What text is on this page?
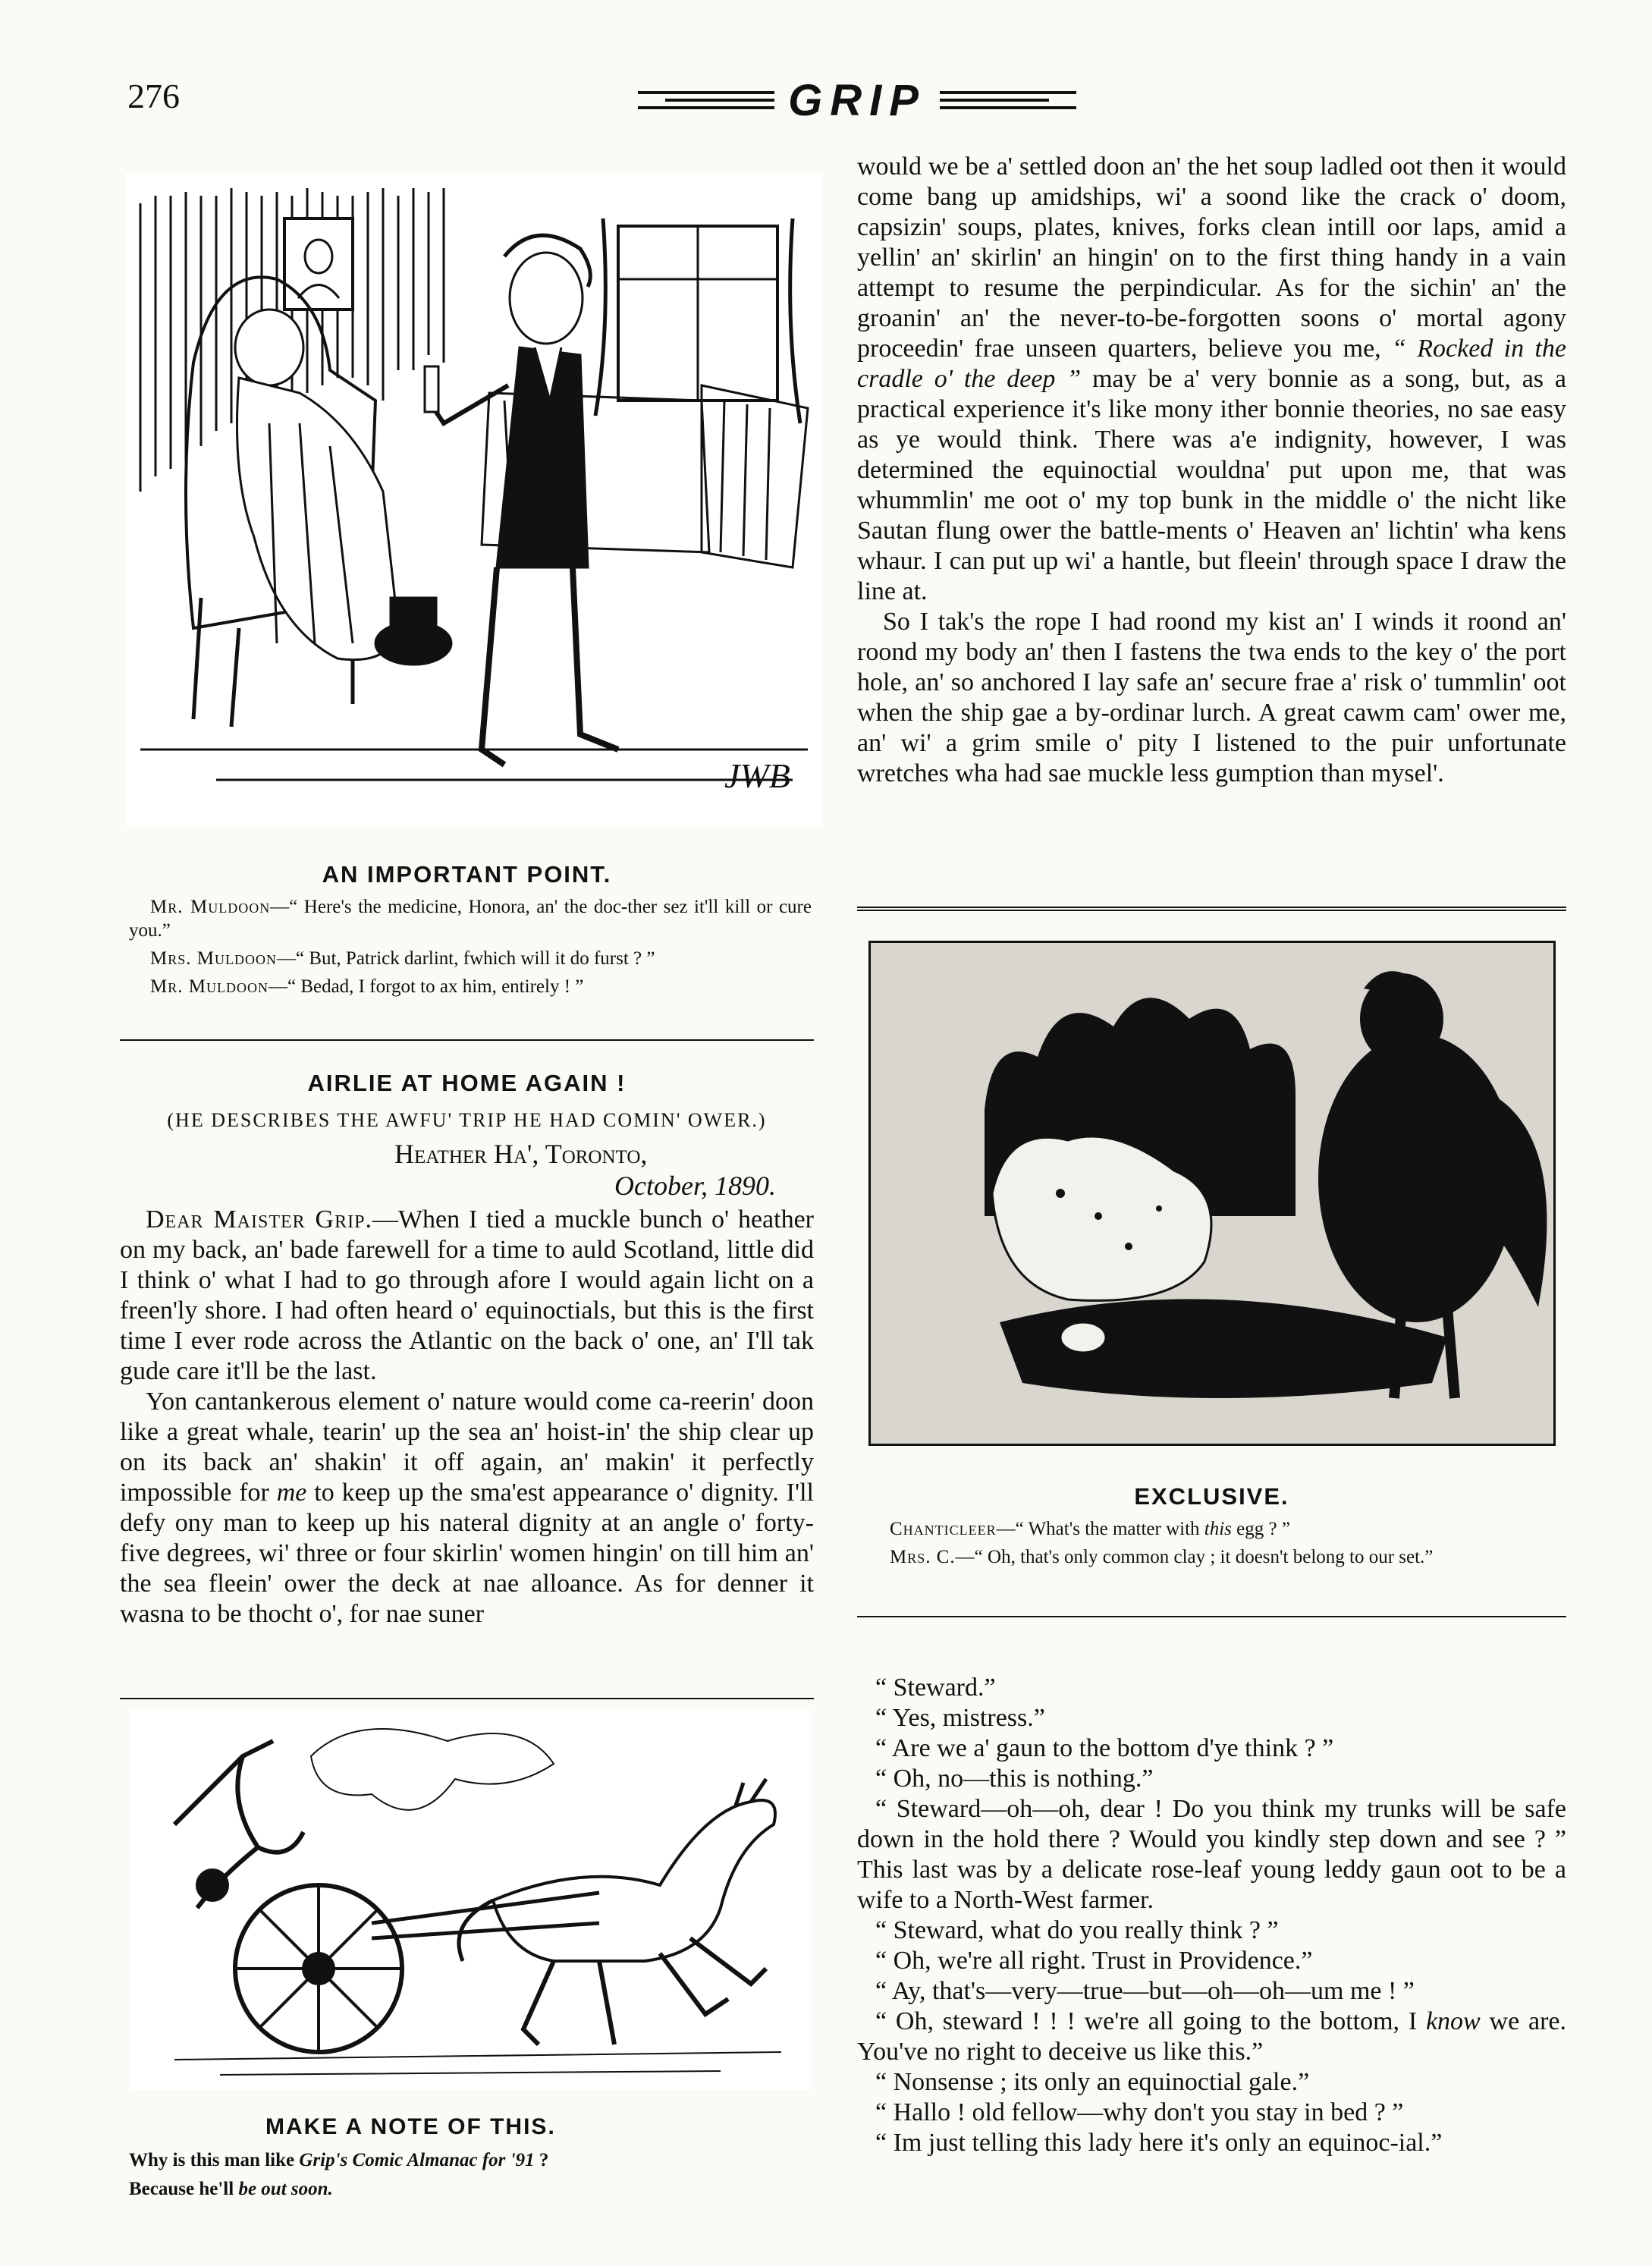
276	GRIP
JWB
AN IMPORTANT POINT.

Mr. Muldoon—“ Here's the medicine, Honora, an' the doc-ther sez it'll kill or cure you.”

Mrs. Muldoon—“ But, Patrick darlint, fwhich will it do furst ? ”

Mr. Muldoon—“ Bedad, I forgot to ax him, entirely ! ”

AIRLIE AT HOME AGAIN !
(HE DESCRIBES THE AWFU' TRIP HE HAD COMIN' OWER.)
Heather Ha', Toronto,
October, 1890.

Dear Maister Grip.—When I tied a muckle bunch o' heather on my back, an' bade farewell for a time to auld Scotland, little did I think o' what I had to go through afore I would again licht on a freen'ly shore. I had often heard o' equinoctials, but this is the first time I ever rode across the Atlantic on the back o' one, an' I'll tak gude care it'll be the last.

Yon cantankerous element o' nature would come ca-reerin' doon like a great whale, tearin' up the sea an' hoist-in' the ship clear up on its back an' shakin' it off again, an' makin' it perfectly impossible for me to keep up the sma'est appearance o' dignity. I'll defy ony man to keep up his nateral dignity at an angle o' forty-five degrees, wi' three or four skirlin' women hingin' on till him an' the sea fleein' ower the deck at nae alloance. As for denner it wasna to be thocht o', for nae suner

would we be a' settled doon an' the het soup ladled oot then it would come bang up amidships, wi' a soond like the crack o' doom, capsizin' soups, plates, knives, forks clean intill oor laps, amid a yellin' an' skirlin' an hingin' on to the first thing handy in a vain attempt to resume the perpindicular. As for the sichin' an' the groanin' an' the never-to-be-forgotten soons o' mortal agony proceedin' frae unseen quarters, believe you me, “ Rocked in the cradle o' the deep ” may be a' very bonnie as a song, but, as a practical experience it's like mony ither bonnie theories, no sae easy as ye would think. There was a'e indignity, however, I was determined the equinoctial wouldna' put upon me, that was whummlin' me oot o' my top bunk in the middle o' the nicht like Sautan flung ower the battle-ments o' Heaven an' lichtin' wha kens whaur. I can put up wi' a hantle, but fleein' through space I draw the line at.

So I tak's the rope I had roond my kist an' I winds it roond an' roond my body an' then I fastens the twa ends to the key o' the port hole, an' so anchored I lay safe an' secure frae a' risk o' tummlin' oot when the ship gae a by-ordinar lurch. A great cawm cam' ower me, an' wi' a grim smile o' pity I listened to the puir unfortunate wretches wha had sae muckle less gumption than mysel'.

EXCLUSIVE.

Chanticleer—“ What's the matter with this egg ? ”

Mrs. C.—“ Oh, that's only common clay ; it doesn't belong to our set.”

“ Steward.”

“ Yes, mistress.”

“ Are we a' gaun to the bottom d'ye think ? ”

“ Oh, no—this is nothing.”

“ Steward—oh—oh, dear ! Do you think my trunks will be safe down in the hold there ? Would you kindly step down and see ? ” This last was by a delicate rose-leaf young leddy gaun oot to be a wife to a North-West farmer.

“ Steward, what do you really think ? ”

“ Oh, we're all right. Trust in Providence.”

“ Ay, that's—very—true—but—oh—oh—um me ! ”

“ Oh, steward ! ! ! we're all going to the bottom, I know we are. You've no right to deceive us like this.”

“ Nonsense ; its only an equinoctial gale.”

“ Hallo ! old fellow—why don't you stay in bed ? ”

“ Im just telling this lady here it's only an equinoc-ial.”

MAKE A NOTE OF THIS.
Why is this man like Grip's Comic Almanac for '91 ?
Because he'll be out soon.
